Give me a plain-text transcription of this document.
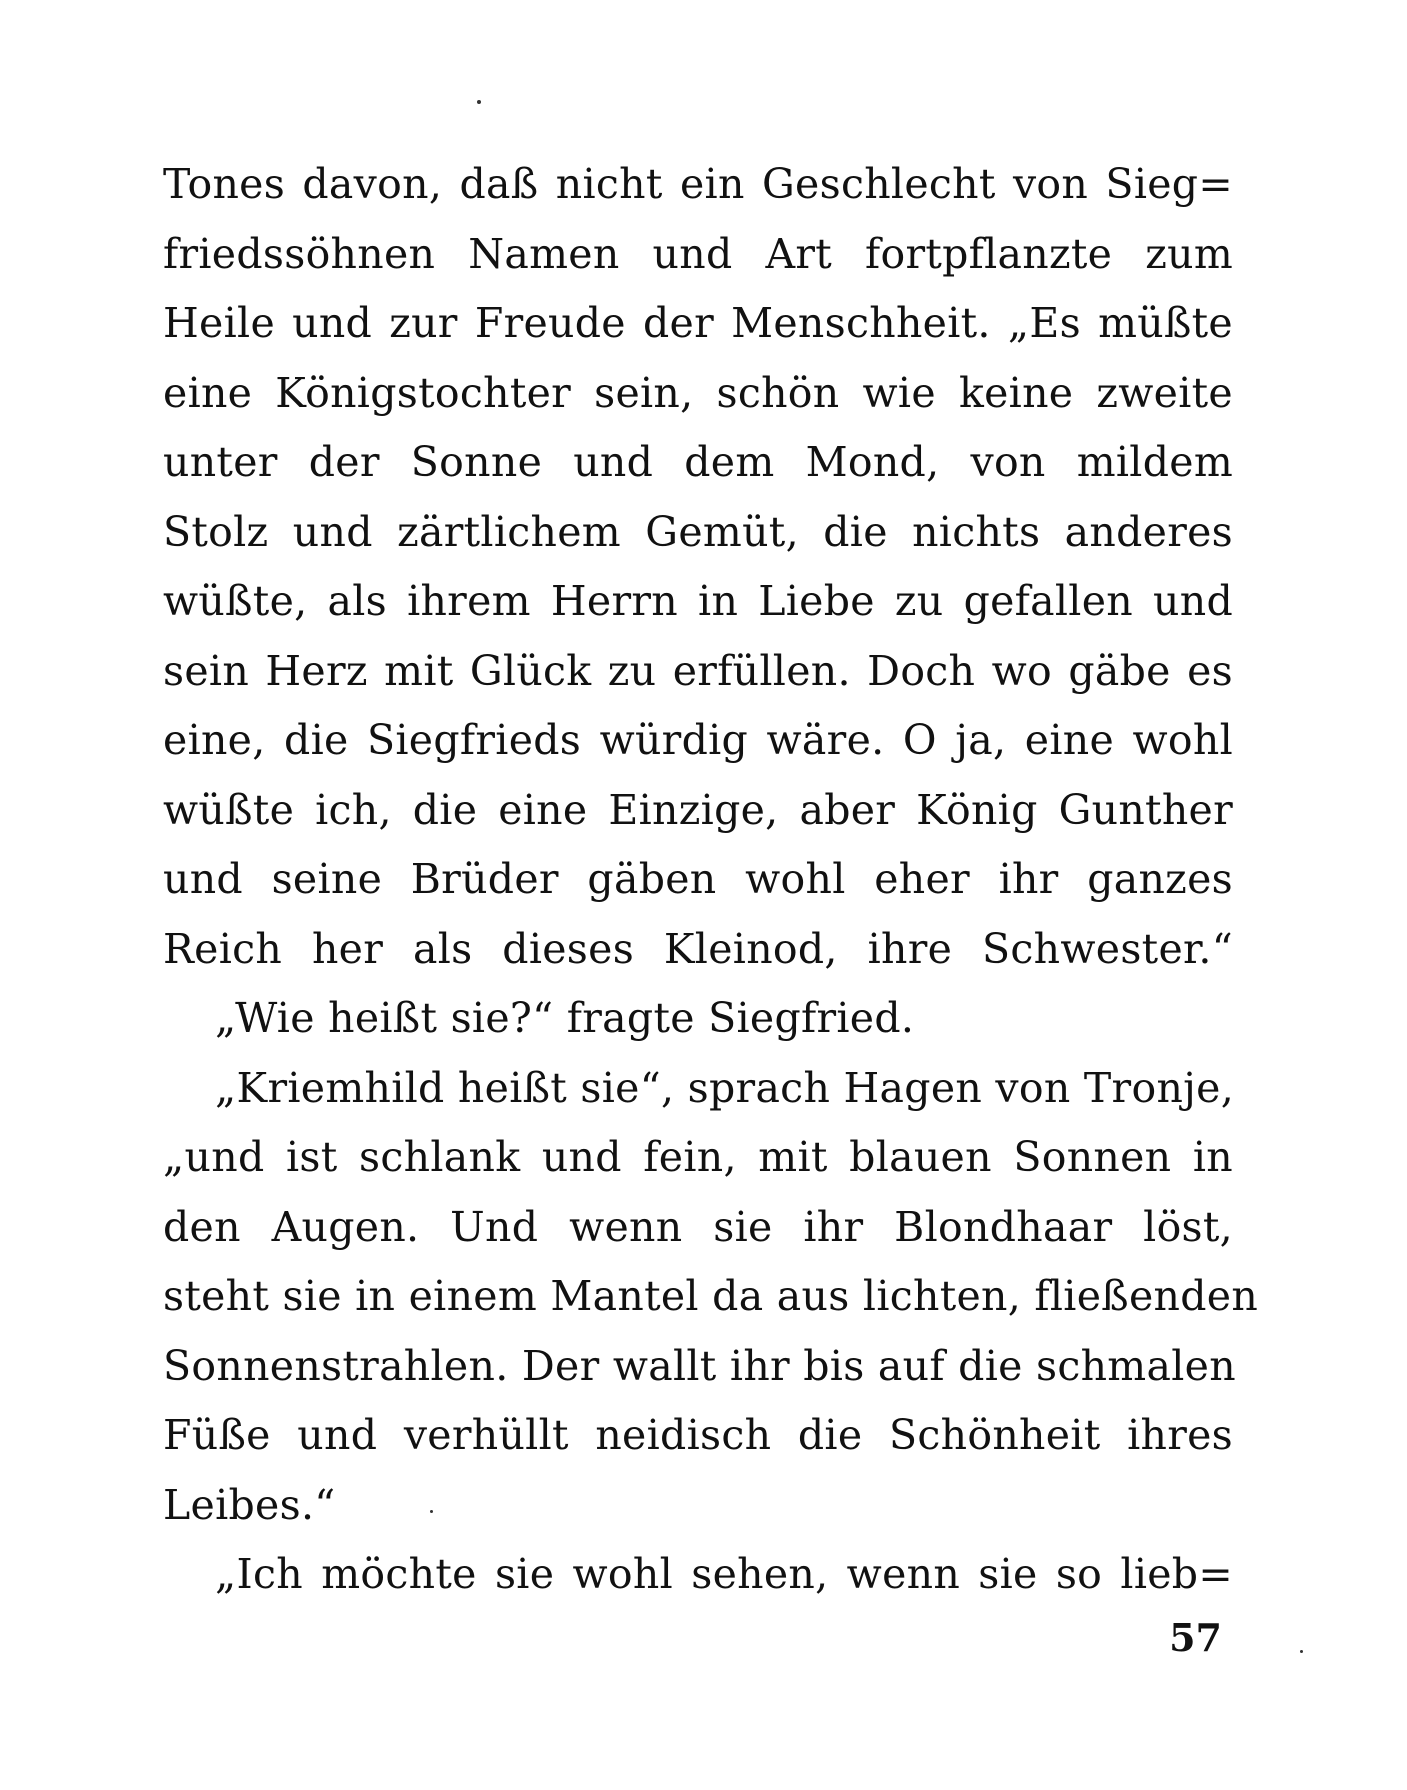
Tones davon, daß nicht ein Geschlecht von Sieg=
friedssöhnen Namen und Art fortpflanzte zum
Heile und zur Freude der Menschheit. „Es müßte
eine Königstochter sein, schön wie keine zweite
unter der Sonne und dem Mond, von mildem
Stolz und zärtlichem Gemüt, die nichts anderes
wüßte, als ihrem Herrn in Liebe zu gefallen und
sein Herz mit Glück zu erfüllen. Doch wo gäbe es
eine, die Siegfrieds würdig wäre. O ja, eine wohl
wüßte ich, die eine Einzige, aber König Gunther
und seine Brüder gäben wohl eher ihr ganzes
Reich her als dieses Kleinod, ihre Schwester.“
„Wie heißt sie?“ fragte Siegfried.
„Kriemhild heißt sie“, sprach Hagen von Tronje,
„und ist schlank und fein, mit blauen Sonnen in
den Augen. Und wenn sie ihr Blondhaar löst,
steht sie in einem Mantel da aus lichten, fließenden
Sonnenstrahlen. Der wallt ihr bis auf die schmalen
Füße und verhüllt neidisch die Schönheit ihres
Leibes.“
„Ich möchte sie wohl sehen, wenn sie so lieb=
57
